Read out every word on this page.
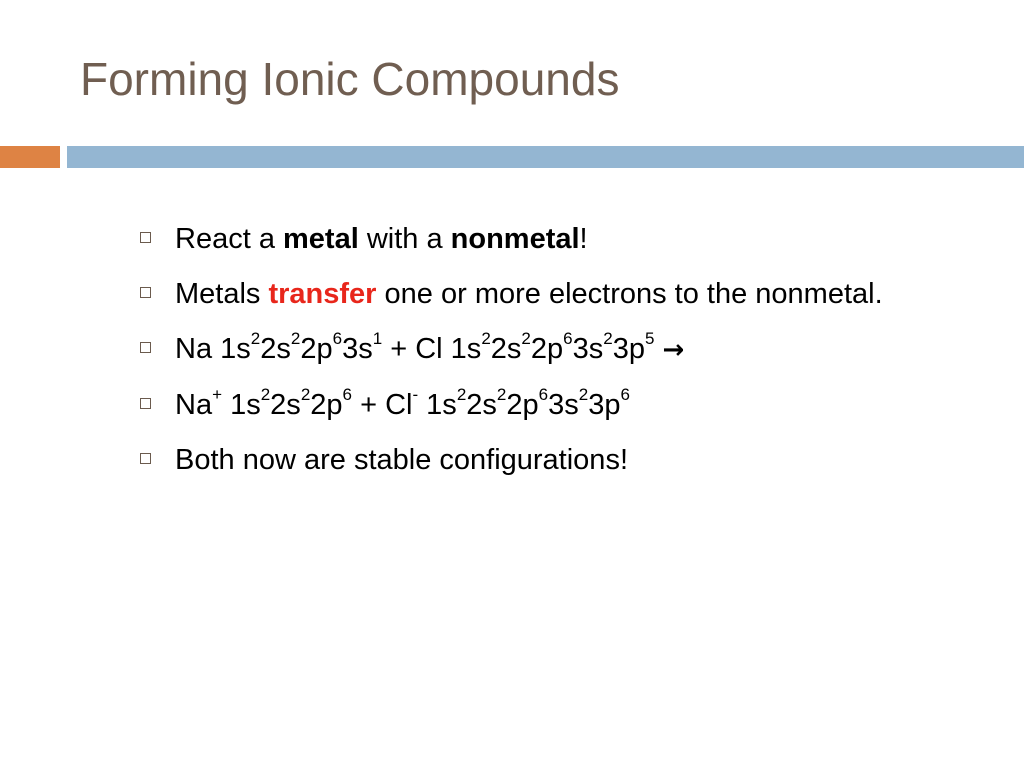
Forming Ionic Compounds
React a metal with a nonmetal!
Metals transfer one or more electrons to the nonmetal.
Na $1s^22s^22p^63s^1 + Cl$ $1s^22s^22p^63s^23p^5$ →
Na+ $1s^22s^22p^6 + Cl^-$ $1s^22s^22p^63s^23p^6$
Both now are stable configurations!
